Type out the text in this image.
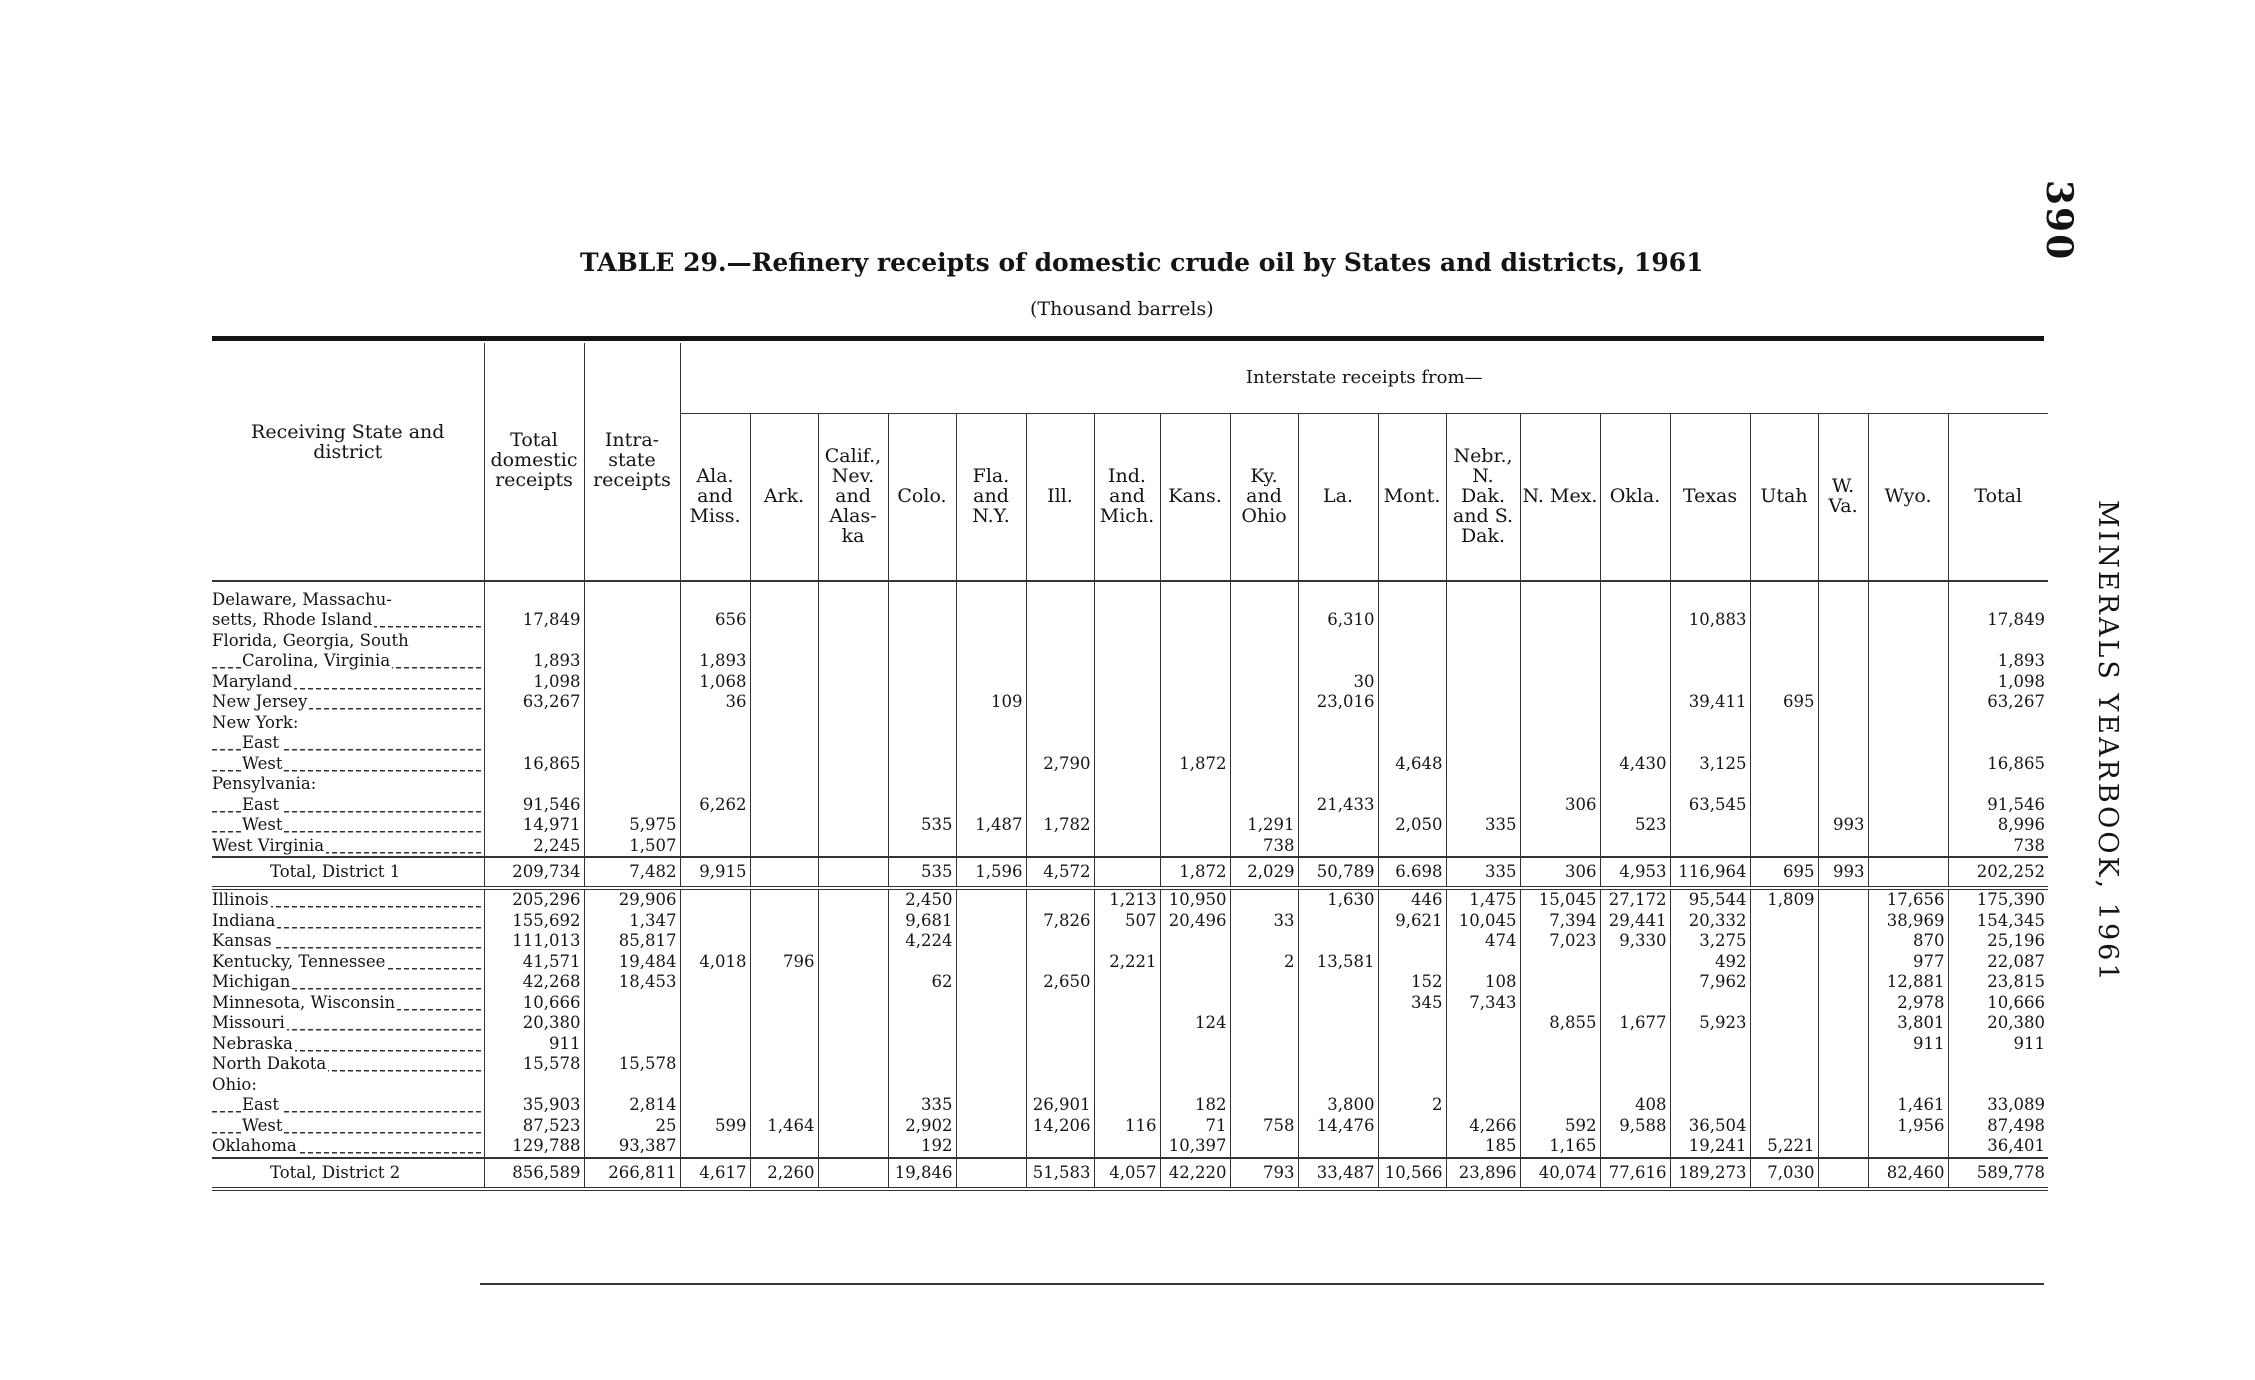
390
MINERALS YEARBOOK, 1961
TABLE 29.—Refinery receipts of domestic crude oil by States and districts, 1961
(Thousand barrels)
Receiving State and district	Total domestic receipts	Intra-state receipts	Interstate receipts from—																		
			Ala. and Miss.	Ark.	Calif., Nev. and Alas-ka	Colo.	Fla. and N.Y.	Ill.	Ind. and Mich.	Kans.	Ky. and Ohio	La.	Mont.	Nebr., N. Dak. and S. Dak.	N. Mex.	Okla.	Texas	Utah	W. Va.	Wyo.	Total
Delaware, Massachu-																					
setts, Rhode Island	17,849		656									6,310					10,883				17,849
Florida, Georgia, South																					
Carolina, Virginia	1,893		1,893																		1,893
Maryland	1,098		1,068									30									1,098
New Jersey	63,267		36				109					23,016					39,411	695			63,267
New York:																					
East																					
West	16,865							2,790		1,872			4,648			4,430	3,125				16,865
Pensylvania:																					
East	91,546		6,262									21,433			306		63,545				91,546
West	14,971	5,975				535	1,487	1,782			1,291		2,050	335		523			993		8,996
West Virginia	2,245	1,507									738										738
Total, District 1	209,734	7,482	9,915			535	1,596	4,572		1,872	2,029	50,789	6.698	335	306	4,953	116,964	695	993		202,252
Illinois	205,296	29,906				2,450			1,213	10,950		1,630	446	1,475	15,045	27,172	95,544	1,809		17,656	175,390
Indiana	155,692	1,347				9,681		7,826	507	20,496	33		9,621	10,045	7,394	29,441	20,332			38,969	154,345
Kansas	111,013	85,817				4,224								474	7,023	9,330	3,275			870	25,196
Kentucky, Tennessee	41,571	19,484	4,018	796					2,221		2	13,581					492			977	22,087
Michigan	42,268	18,453				62		2,650					152	108			7,962			12,881	23,815
Minnesota, Wisconsin	10,666												345	7,343						2,978	10,666
Missouri	20,380									124					8,855	1,677	5,923			3,801	20,380
Nebraska	911																			911	911
North Dakota	15,578	15,578																			
Ohio:																					
East	35,903	2,814				335		26,901		182		3,800	2			408				1,461	33,089
West	87,523	25	599	1,464		2,902		14,206	116	71	758	14,476		4,266	592	9,588	36,504			1,956	87,498
Oklahoma	129,788	93,387				192				10,397				185	1,165		19,241	5,221			36,401
Total, District 2	856,589	266,811	4,617	2,260		19,846		51,583	4,057	42,220	793	33,487	10,566	23,896	40,074	77,616	189,273	7,030		82,460	589,778
